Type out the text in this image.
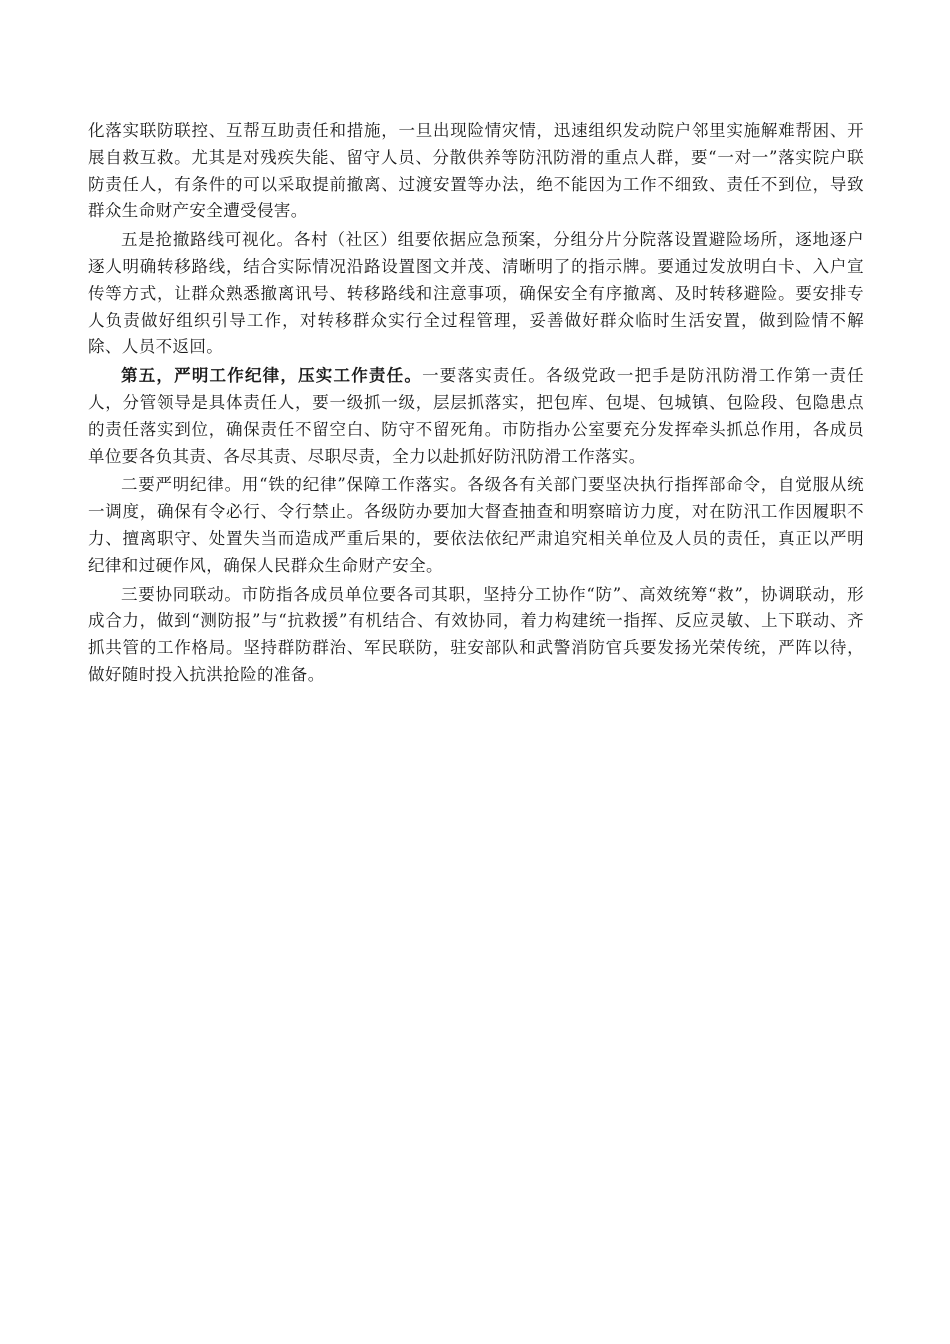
化落实联防联控、互帮互助责任和措施，一旦出现险情灾情，迅速组织发动院户邻里实施解难帮困、开展自救互救。尤其是对残疾失能、留守人员、分散供养等防汛防滑的重点人群，要“一对一”落实院户联防责任人，有条件的可以采取提前撤离、过渡安置等办法，绝不能因为工作不细致、责任不到位，导致群众生命财产安全遭受侵害。

五是抢撤路线可视化。各村（社区）组要依据应急预案，分组分片分院落设置避险场所，逐地逐户逐人明确转移路线，结合实际情况沿路设置图文并茂、清晰明了的指示牌。要通过发放明白卡、入户宣传等方式，让群众熟悉撤离讯号、转移路线和注意事项，确保安全有序撤离、及时转移避险。要安排专人负责做好组织引导工作，对转移群众实行全过程管理，妥善做好群众临时生活安置，做到险情不解除、人员不返回。

第五，严明工作纪律，压实工作责任。一要落实责任。各级党政一把手是防汛防滑工作第一责任人，分管领导是具体责任人，要一级抓一级，层层抓落实，把包库、包堤、包城镇、包险段、包隐患点的责任落实到位，确保责任不留空白、防守不留死角。市防指办公室要充分发挥牵头抓总作用，各成员单位要各负其责、各尽其责、尽职尽责，全力以赴抓好防汛防滑工作落实。

二要严明纪律。用“铁的纪律”保障工作落实。各级各有关部门要坚决执行指挥部命令，自觉服从统一调度，确保有令必行、令行禁止。各级防办要加大督查抽查和明察暗访力度，对在防汛工作因履职不力、擅离职守、处置失当而造成严重后果的，要依法依纪严肃追究相关单位及人员的责任，真正以严明纪律和过硬作风，确保人民群众生命财产安全。

三要协同联动。市防指各成员单位要各司其职，坚持分工协作“防”、高效统筹“救”，协调联动，形成合力，做到“测防报”与“抗救援”有机结合、有效协同，着力构建统一指挥、反应灵敏、上下联动、齐抓共管的工作格局。坚持群防群治、军民联防，驻安部队和武警消防官兵要发扬光荣传统，严阵以待，做好随时投入抗洪抢险的准备。
